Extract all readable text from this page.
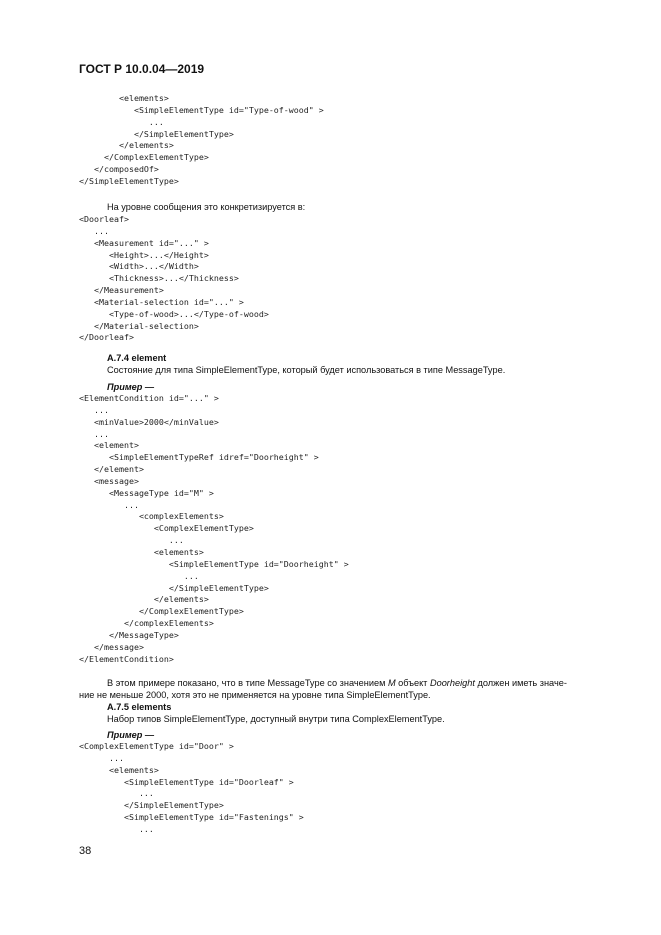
ГОСТ Р 10.0.04—2019
<elements>
<SimpleElementType id="Type-of-wood" >
...
</SimpleElementType>
</elements>
</ComplexElementType>
</composedOf>
</SimpleElementType>
На уровне сообщения это конкретизируется в:
<Doorleaf>
...
<Measurement id="..." >
<Height>...</Height>
<Width>...</Width>
<Thickness>...</Thickness>
</Measurement>
<Material-selection id="..." >
<Type-of-wood>...</Type-of-wood>
</Material-selection>
</Doorleaf>
A.7.4 element
Состояние для типа SimpleElementType, который будет использоваться в типе MessageType.
Пример —
<ElementCondition id="..." >
...
<minValue>2000</minValue>
...
<element>
<SimpleElementTypeRef idref="Doorheight" >
</element>
<message>
<MessageType id="M" >
...
<complexElements>
<ComplexElementType>
...
<elements>
<SimpleElementType id="Doorheight" >
...
</SimpleElementType>
</elements>
</ComplexElementType>
</complexElements>
</MessageType>
</message>
</ElementCondition>
В этом примере показано, что в типе MessageType со значением M объект Doorheight должен иметь значе-
ние не меньше 2000, хотя это не применяется на уровне типа SimpleElementType.
A.7.5 elements
Набор типов SimpleElementType, доступный внутри типа ComplexElementType.
Пример —
<ComplexElementType id="Door" >
...
<elements>
<SimpleElementType id="Doorleaf" >
...
</SimpleElementType>
<SimpleElementType id="Fastenings" >
...
38
